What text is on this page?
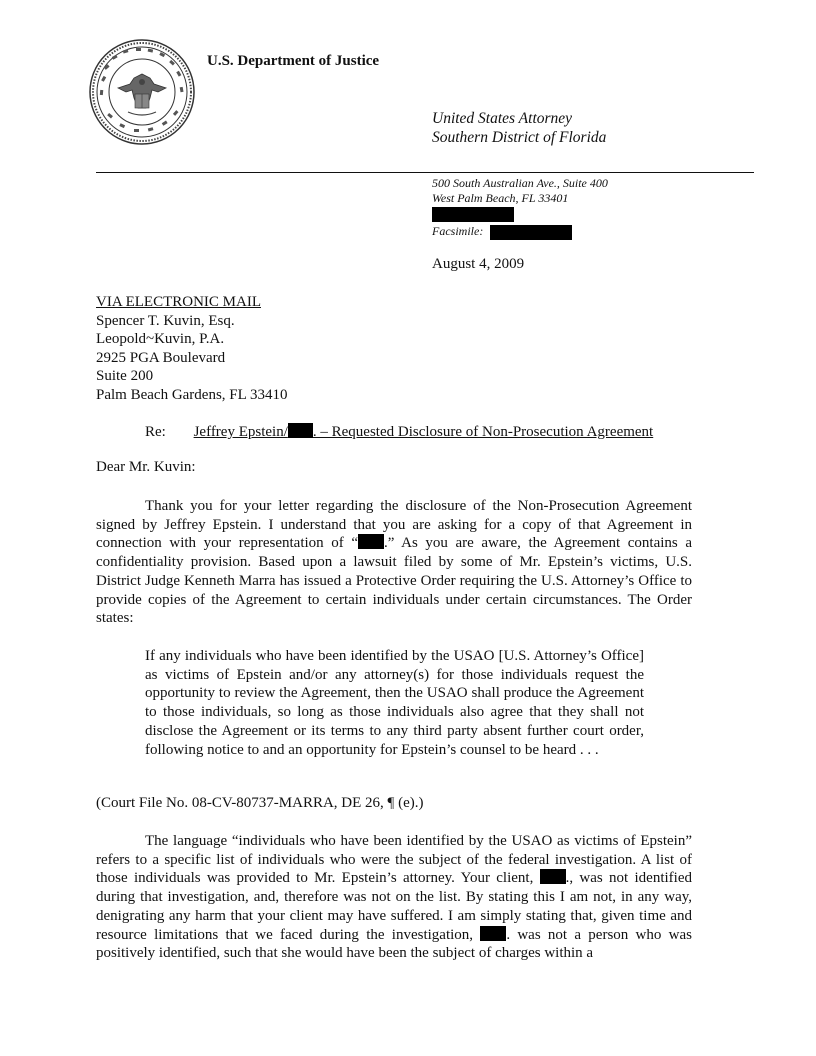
U.S. Department of Justice
United States Attorney
Southern District of Florida
500 South Australian Ave., Suite 400
West Palm Beach, FL 33401
Facsimile:
August 4, 2009
VIA ELECTRONIC MAIL
Spencer T. Kuvin, Esq.
Leopold~Kuvin, P.A.
2925 PGA Boulevard
Suite 200
Palm Beach Gardens, FL 33410
Re: Jeffrey Epstein/ . – Requested Disclosure of Non-Prosecution Agreement
Dear Mr. Kuvin:

Thank you for your letter regarding the disclosure of the Non-Prosecution Agreement signed by Jeffrey Epstein. I understand that you are asking for a copy of that Agreement in connection with your representation of “ .” As you are aware, the Agreement contains a confidentiality provision. Based upon a lawsuit filed by some of Mr. Epstein’s victims, U.S. District Judge Kenneth Marra has issued a Protective Order requiring the U.S. Attorney’s Office to provide copies of the Agreement to certain individuals under certain circumstances. The Order states:

If any individuals who have been identified by the USAO [U.S. Attorney’s Office] as victims of Epstein and/or any attorney(s) for those individuals request the opportunity to review the Agreement, then the USAO shall produce the Agreement to those individuals, so long as those individuals also agree that they shall not disclose the Agreement or its terms to any third party absent further court order, following notice to and an opportunity for Epstein’s counsel to be heard . . .

(Court File No. 08-CV-80737-MARRA, DE 26, ¶ (e).)

The language “individuals who have been identified by the USAO as victims of Epstein” refers to a specific list of individuals who were the subject of the federal investigation. A list of those individuals was provided to Mr. Epstein’s attorney. Your client, ., was not identified during that investigation, and, therefore was not on the list. By stating this I am not, in any way, denigrating any harm that your client may have suffered. I am simply stating that, given time and resource limitations that we faced during the investigation, . was not a person who was positively identified, such that she would have been the subject of charges within a
